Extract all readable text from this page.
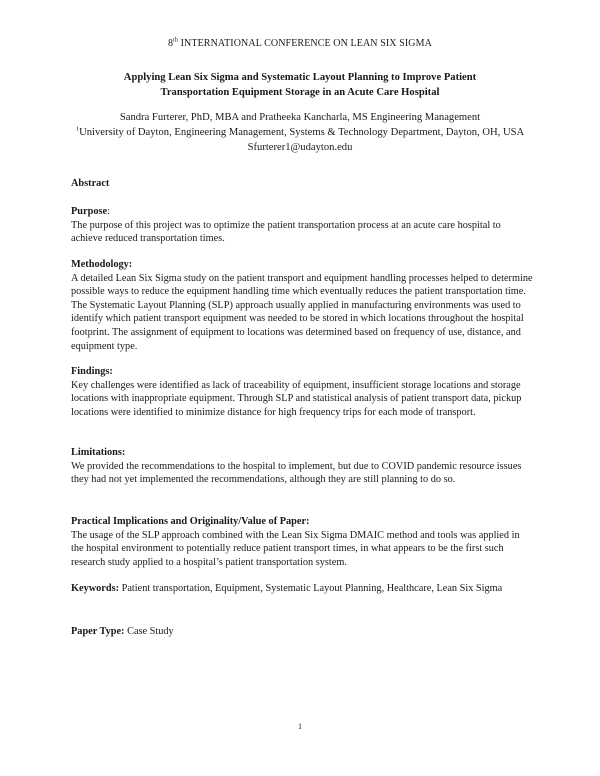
8th INTERNATIONAL CONFERENCE ON LEAN SIX SIGMA
Applying Lean Six Sigma and Systematic Layout Planning to Improve Patient
Transportation Equipment Storage in an Acute Care Hospital
Sandra Furterer, PhD, MBA and Pratheeka Kancharla, MS Engineering Management
$^1$University of Dayton, Engineering Management, Systems & Technology Department, Dayton, OH, USA
Sfurterer1@udayton.edu
Abstract
Purpose:
The purpose of this project was to optimize the patient transportation process at an acute care hospital to achieve reduced transportation times.
Methodology:
A detailed Lean Six Sigma study on the patient transport and equipment handling processes helped to determine possible ways to reduce the equipment handling time which eventually reduces the patient transportation time. The Systematic Layout Planning (SLP) approach usually applied in manufacturing environments was used to identify which patient transport equipment was needed to be stored in which locations throughout the hospital footprint. The assignment of equipment to locations was determined based on frequency of use, distance, and equipment type.
Findings:
Key challenges were identified as lack of traceability of equipment, insufficient storage locations and storage locations with inappropriate equipment. Through SLP and statistical analysis of patient transport data, pickup locations were identified to minimize distance for high frequency trips for each mode of transport.
Limitations:
We provided the recommendations to the hospital to implement, but due to COVID pandemic resource issues they had not yet implemented the recommendations, although they are still planning to do so.
Practical Implications and Originality/Value of Paper:
The usage of the SLP approach combined with the Lean Six Sigma DMAIC method and tools was applied in the hospital environment to potentially reduce patient transport times, in what appears to be the first such research study applied to a hospital’s patient transportation system.
Keywords: Patient transportation, Equipment, Systematic Layout Planning, Healthcare, Lean Six Sigma
Paper Type: Case Study
1
